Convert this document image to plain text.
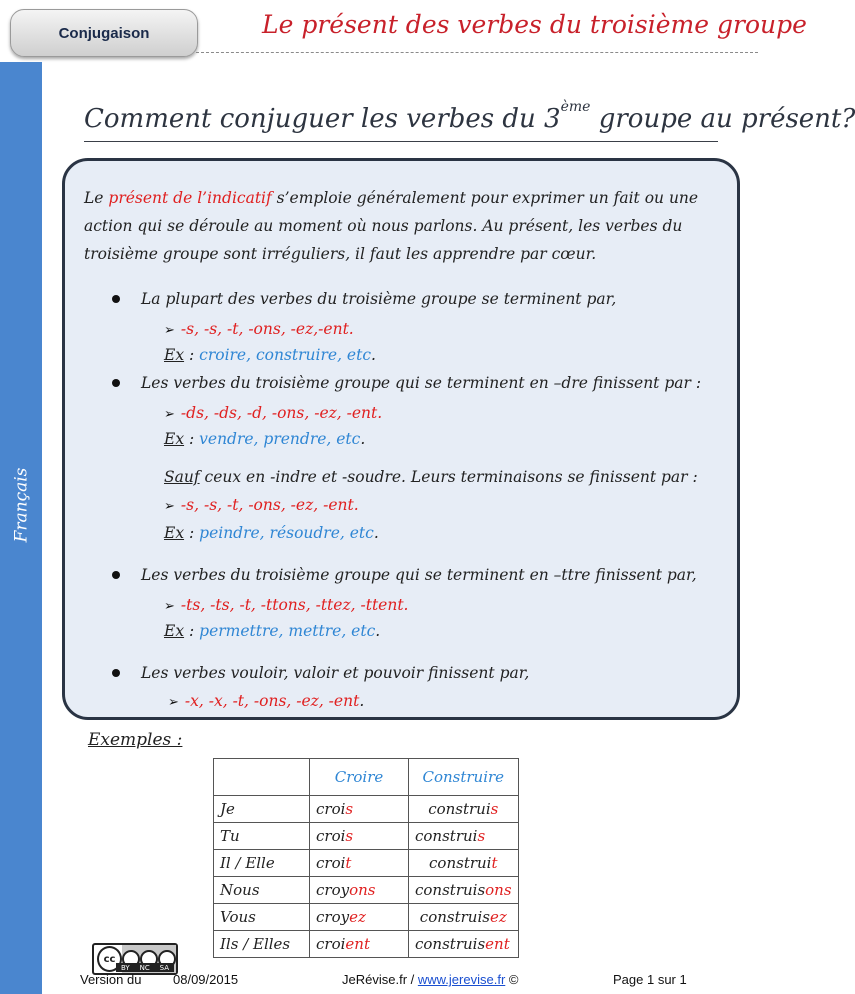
Français
Conjugaison	Le présent des verbes du troisième groupe
Comment conjuguer les verbes du 3ème groupe au présent?
Le présent de l’indicatif s’emploie généralement pour exprimer un fait ou une action qui se déroule au moment où nous parlons. Au présent, les verbes du troisième groupe sont irréguliers, il faut les apprendre par cœur.
La plupart des verbes du troisième groupe se terminent par,
➢ -s, -s, -t, -ons, -ez,-ent.
Ex : croire, construire, etc.
Les verbes du troisième groupe qui se terminent en –dre finissent par :
➢ -ds, -ds, -d, -ons, -ez, -ent.
Ex : vendre, prendre, etc.
Sauf ceux en -indre et -soudre. Leurs terminaisons se finissent par :
➢ -s, -s, -t, -ons, -ez, -ent.
Ex : peindre, résoudre, etc.
Les verbes du troisième groupe qui se terminent en –ttre finissent par,
➢ -ts, -ts, -t, -ttons, -ttez, -ttent.
Ex : permettre, mettre, etc.
Les verbes vouloir, valoir et pouvoir finissent par,
➢ -x, -x, -t, -ons, -ez, -ent.
Exemples :
	Croire	Construire
Je	crois	construis
Tu	crois	construis
Il / Elle	croit	construit
Nous	croyons	construisons
Vous	croyez	construisez
Ils / Elles	croient	construisent
cc
BY NC SA
Version du 08/09/2015	JeRévise.fr / www.jerevise.fr ©	Page 1 sur 1
